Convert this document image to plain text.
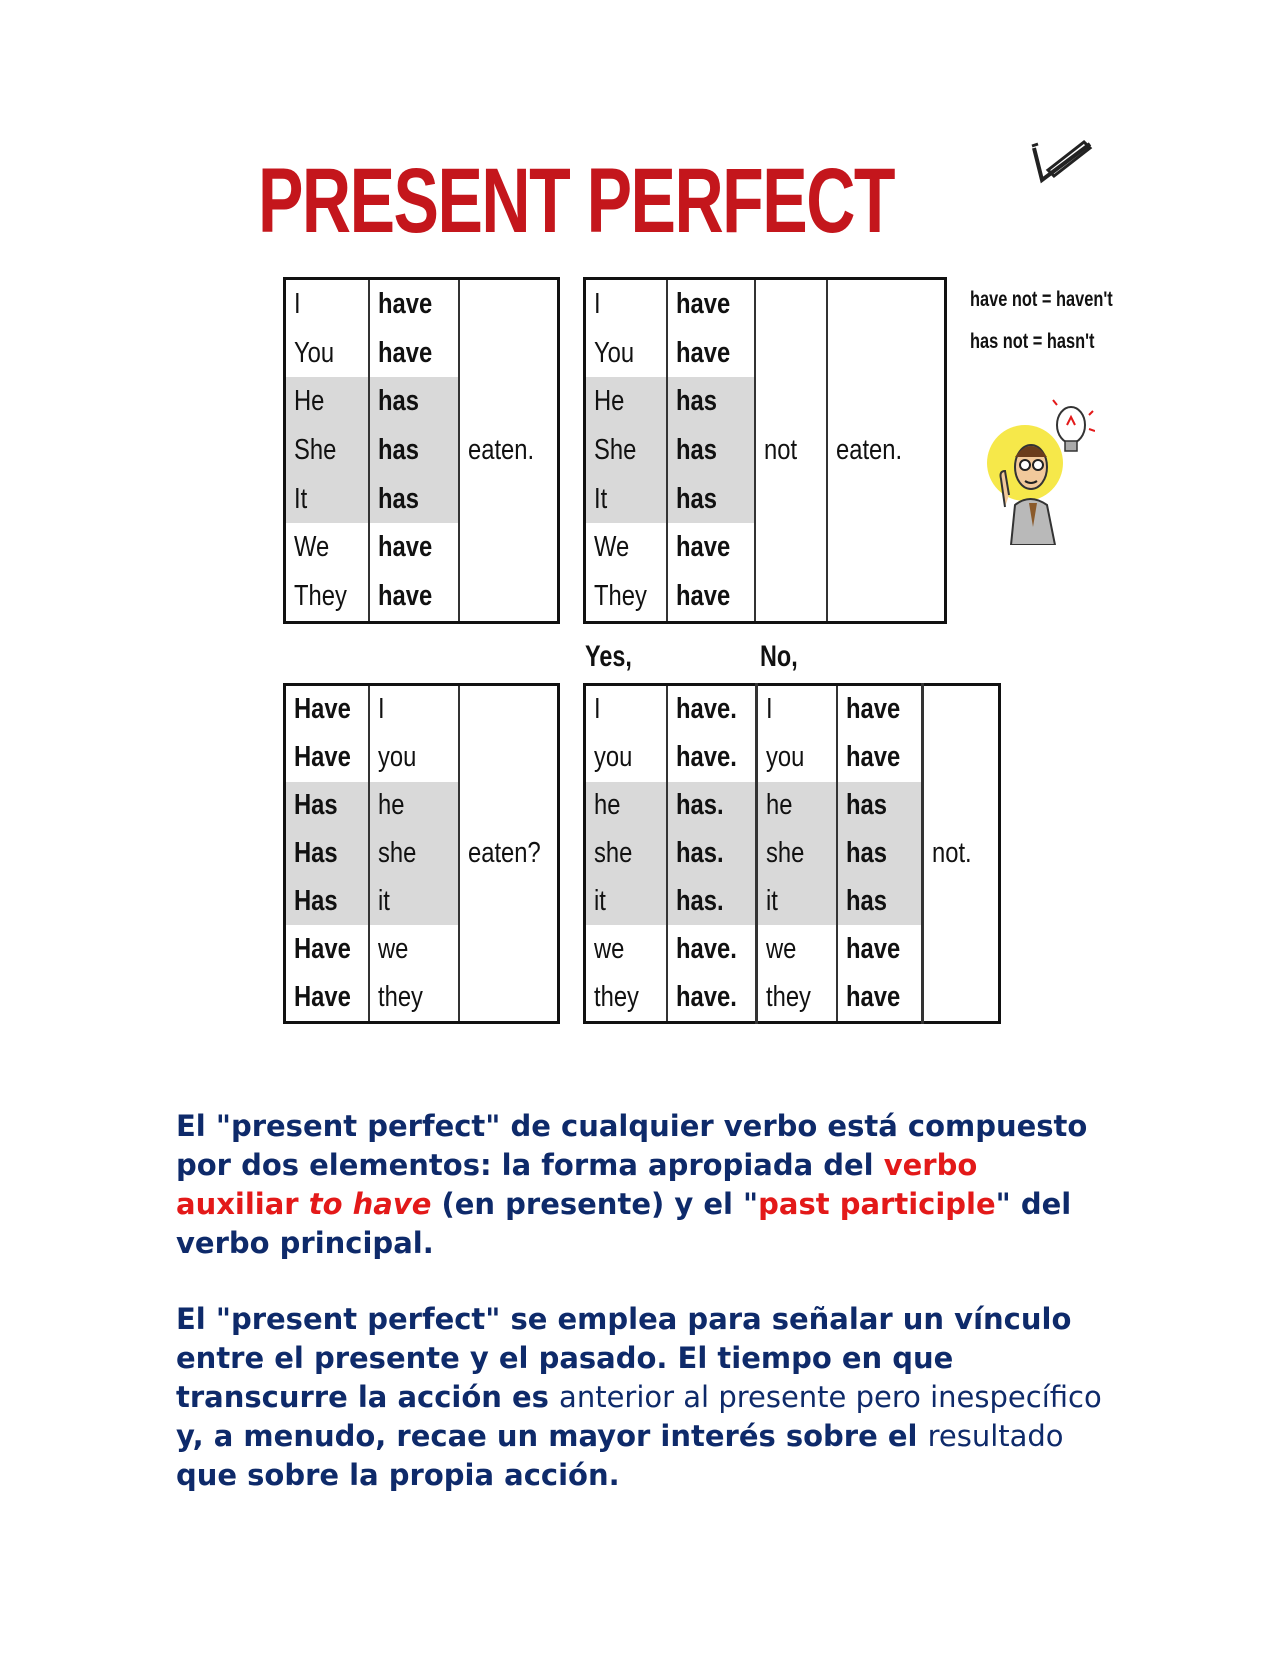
PRESENT PERFECT
I	have	eaten.
You	have	
He	has	
She	has	
It	has	
We	have	
They	have	
I	have	not	eaten.
You	have		
He	has		
She	has		
It	has		
We	have		
They	have		
have not = haven't
has not = hasn't
Yes,	No,
Have	I	eaten?
Have	you	
Has	he	
Has	she	
Has	it	
Have	we	
Have	they	
I	have.	I	have	not.
you	have.	you	have	
he	has.	he	has	
she	has.	she	has	
it	has.	it	has	
we	have.	we	have	
they	have.	they	have	

El "present perfect" de cualquier verbo está compuesto por dos elementos: la forma apropiada del verbo auxiliar to have (en presente) y el "past participle" del verbo principal.

El "present perfect" se emplea para señalar un vínculo entre el presente y el pasado. El tiempo en que transcurre la acción es anterior al presente pero inespecífico y, a menudo, recae un mayor interés sobre el resultado que sobre la propia acción.
